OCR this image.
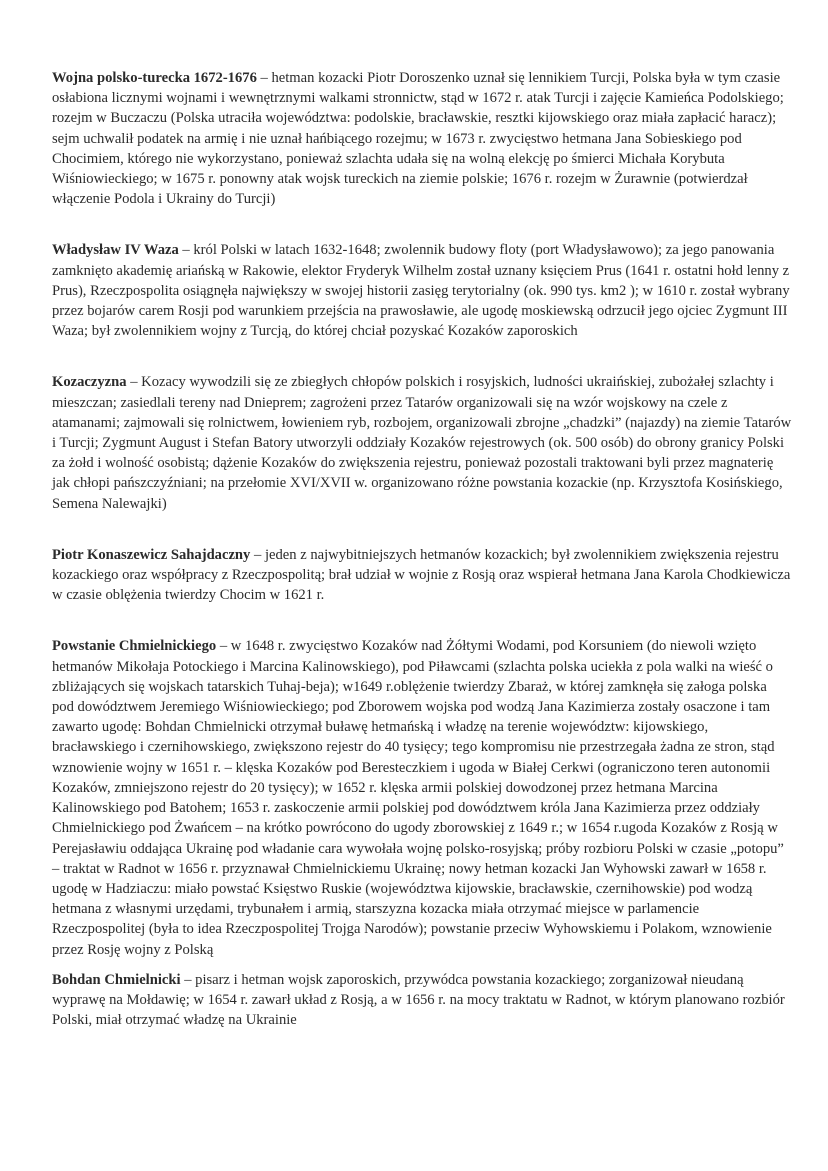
Wojna polsko-turecka 1672-1676 – hetman kozacki Piotr Doroszenko uznał się lennikiem Turcji, Polska była w tym czasie osłabiona licznymi wojnami i wewnętrznymi walkami stronnictw, stąd w 1672 r. atak Turcji i zajęcie Kamieńca Podolskiego; rozejm w Buczaczu (Polska utraciła województwa: podolskie, bracławskie, resztki kijowskiego oraz miała zapłacić haracz); sejm uchwalił podatek na armię i nie uznał hańbiącego rozejmu; w 1673 r. zwycięstwo hetmana Jana Sobieskiego pod Chocimiem, którego nie wykorzystano, ponieważ szlachta udała się na wolną elekcję po śmierci Michała Korybuta Wiśniowieckiego; w 1675 r. ponowny atak wojsk tureckich na ziemie polskie; 1676 r. rozejm w Żurawnie (potwierdzał włączenie Podola i Ukrainy do Turcji)

Władysław IV Waza – król Polski w latach 1632-1648; zwolennik budowy floty (port Władysławowo); za jego panowania zamknięto akademię ariańską w Rakowie, elektor Fryderyk Wilhelm został uznany księciem Prus (1641 r. ostatni hołd lenny z Prus), Rzeczpospolita osiągnęła największy w swojej historii zasięg terytorialny (ok. 990 tys. km2 ); w 1610 r. został wybrany przez bojarów carem Rosji pod warunkiem przejścia na prawosławie, ale ugodę moskiewską odrzucił jego ojciec Zygmunt III Waza; był zwolennikiem wojny z Turcją, do której chciał pozyskać Kozaków zaporoskich

Kozaczyzna – Kozacy wywodzili się ze zbiegłych chłopów polskich i rosyjskich, ludności ukraińskiej, zubożałej szlachty i mieszczan; zasiedlali tereny nad Dnieprem; zagrożeni przez Tatarów organizowali się na wzór wojskowy na czele z atamanami; zajmowali się rolnictwem, łowieniem ryb, rozbojem, organizowali zbrojne „chadzki” (najazdy) na ziemie Tatarów i Turcji; Zygmunt August i Stefan Batory utworzyli oddziały Kozaków rejestrowych (ok. 500 osób) do obrony granicy Polski za żołd i wolność osobistą; dążenie Kozaków do zwiększenia rejestru, ponieważ pozostali traktowani byli przez magnaterię jak chłopi pańszczyźniani; na przełomie XVI/XVII w. organizowano różne powstania kozackie (np. Krzysztofa Kosińskiego, Semena Nalewajki)

Piotr Konaszewicz Sahajdaczny – jeden z najwybitniejszych hetmanów kozackich; był zwolennikiem zwiększenia rejestru kozackiego oraz współpracy z Rzeczpospolitą; brał udział w wojnie z Rosją oraz wspierał hetmana Jana Karola Chodkiewicza w czasie oblężenia twierdzy Chocim w 1621 r.

Powstanie Chmielnickiego – w 1648 r. zwycięstwo Kozaków nad Żółtymi Wodami, pod Korsuniem (do niewoli wzięto hetmanów Mikołaja Potockiego i Marcina Kalinowskiego), pod Piławcami (szlachta polska uciekła z pola walki na wieść o zbliżających się wojskach tatarskich Tuhaj-beja); w1649 r.oblężenie twierdzy Zbaraż, w której zamknęła się załoga polska pod dowództwem Jeremiego Wiśniowieckiego; pod Zborowem wojska pod wodzą Jana Kazimierza zostały osaczone i tam zawarto ugodę: Bohdan Chmielnicki otrzymał buławę hetmańską i władzę na terenie województw: kijowskiego, bracławskiego i czernihowskiego, zwiększono rejestr do 40 tysięcy; tego kompromisu nie przestrzegała żadna ze stron, stąd wznowienie wojny w 1651 r. – klęska Kozaków pod Beresteczkiem i ugoda w Białej Cerkwi (ograniczono teren autonomii Kozaków, zmniejszono rejestr do 20 tysięcy); w 1652 r. klęska armii polskiej dowodzonej przez hetmana Marcina Kalinowskiego pod Batohem; 1653 r. zaskoczenie armii polskiej pod dowództwem króla Jana Kazimierza przez oddziały Chmielnickiego pod Żwańcem – na krótko powrócono do ugody zborowskiej z 1649 r.; w 1654 r.ugoda Kozaków z Rosją w Perejasławiu oddająca Ukrainę pod władanie cara wywołała wojnę polsko-rosyjską; próby rozbioru Polski w czasie „potopu” – traktat w Radnot w 1656 r. przyznawał Chmielnickiemu Ukrainę; nowy hetman kozacki Jan Wyhowski zawarł w 1658 r. ugodę w Hadziaczu: miało powstać Księstwo Ruskie (województwa kijowskie, bracławskie, czernihowskie) pod wodzą hetmana z własnymi urzędami, trybunałem i armią, starszyzna kozacka miała otrzymać miejsce w parlamencie Rzeczpospolitej (była to idea Rzeczpospolitej Trojga Narodów); powstanie przeciw Wyhowskiemu i Polakom, wznowienie przez Rosję wojny z Polską

Bohdan Chmielnicki – pisarz i hetman wojsk zaporoskich, przywódca powstania kozackiego; zorganizował nieudaną wyprawę na Mołdawię; w 1654 r. zawarł układ z Rosją, a w 1656 r. na mocy traktatu w Radnot, w którym planowano rozbiór Polski, miał otrzymać władzę na Ukrainie
